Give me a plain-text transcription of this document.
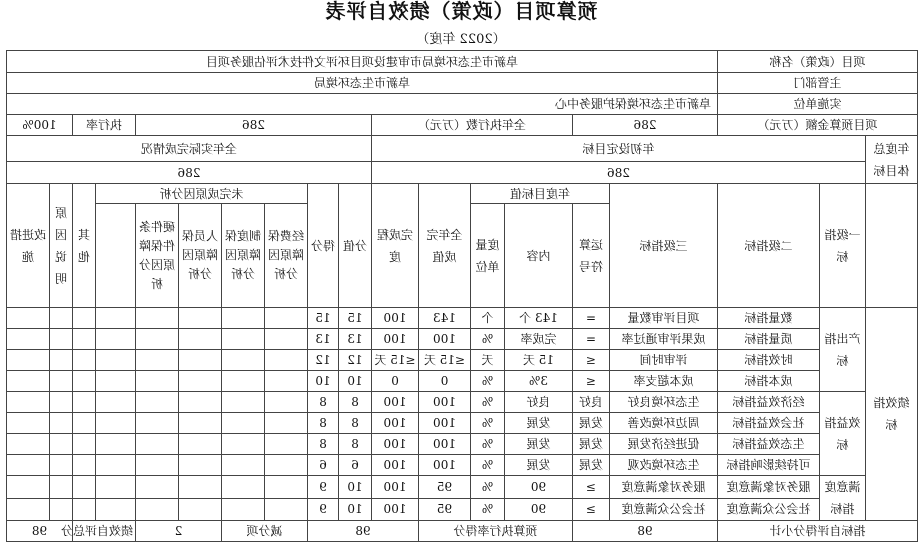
预算项目（政策）绩效自评表
（2022 年度）
项目（政策）名称			阜新市生态环境局市审建设项目环评文件技术评估服务项目															
主管部门			阜新市生态环境局															
实施单位			阜新市生态环境保护服务中心															
项目预算金额（万元）			286		全年执行数（万元）				286						执行率		100%	
年度总体目标	年初设定目标								全年实际完成情况									
	286								286									
	一级指标	二级指标	三级指标	年度目标值			全年完成值	完成程度	分值	得分	未完成原因分析					其他	原因说明	改进措施
				运算符号	内容	度量单位					经费保障原因分析	制度保障原因分析	人员保障原因分析	硬件条件保障原因分析				
绩效指标	产出指标	数量指标	项目评审数量	=	143 个	个	143	100	15	15								
		质量指标	成果评审通过率	=	完成率	%	100	100	13	13								
		时效指标	评审时间	≤	15 天	天	≤15 天	≤15 天	12	12								
		成本指标	成本超支率	≤	3%	%	0	0	10	10								
	效益指标	经济效益指标	生态环境良好	良好	良好	%	100	100	8	8								
		社会效益指标	周边环境改善	发展	发展	%	100	100	8	8								
		生态效益指标	促进经济发展	发展	发展	%	100	100	8	8								
		可持续影响指标	生态环境改观	发展	发展	%	100	100	6	6								
	满意度指标	服务对象满意度	服务对象满意度	≥	90	%	95	100	10	9								
		社会公众满意度	社会公众满意度	≥	90	%	95	100	10	9								
指标自评得分小计			98		预算执行率得分			98			减分项		2		绩效自评总分		98	
